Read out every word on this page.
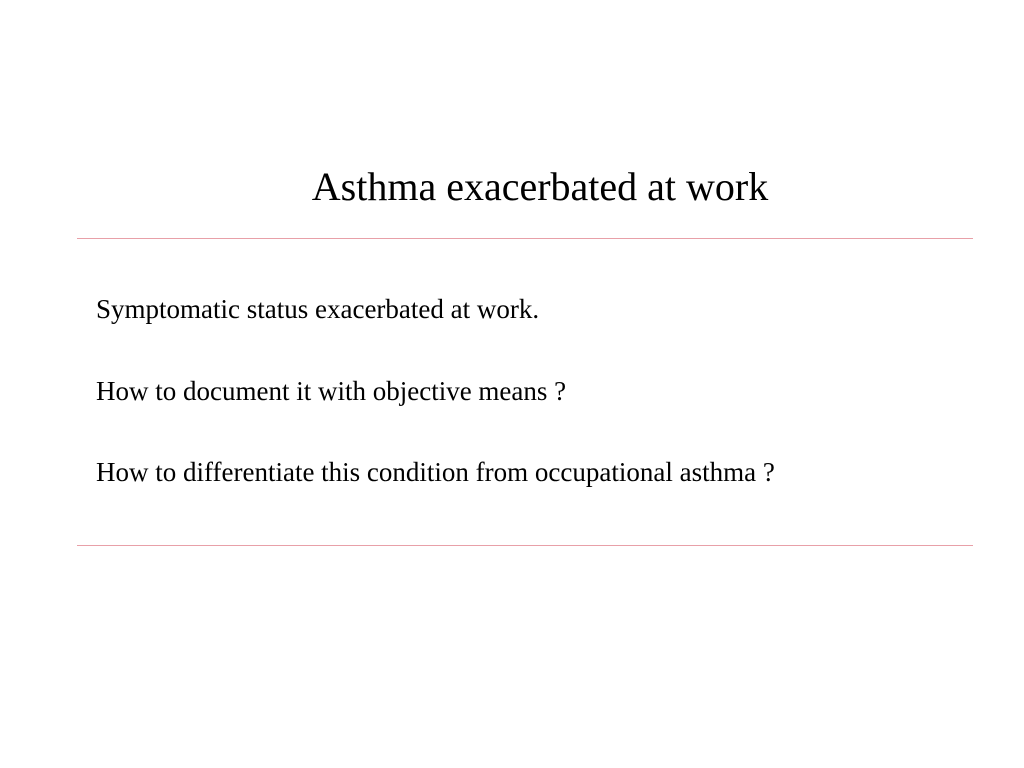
Asthma exacerbated at work
Symptomatic status exacerbated at work.
How to document it with objective means ?
How to differentiate this condition from occupational asthma ?
